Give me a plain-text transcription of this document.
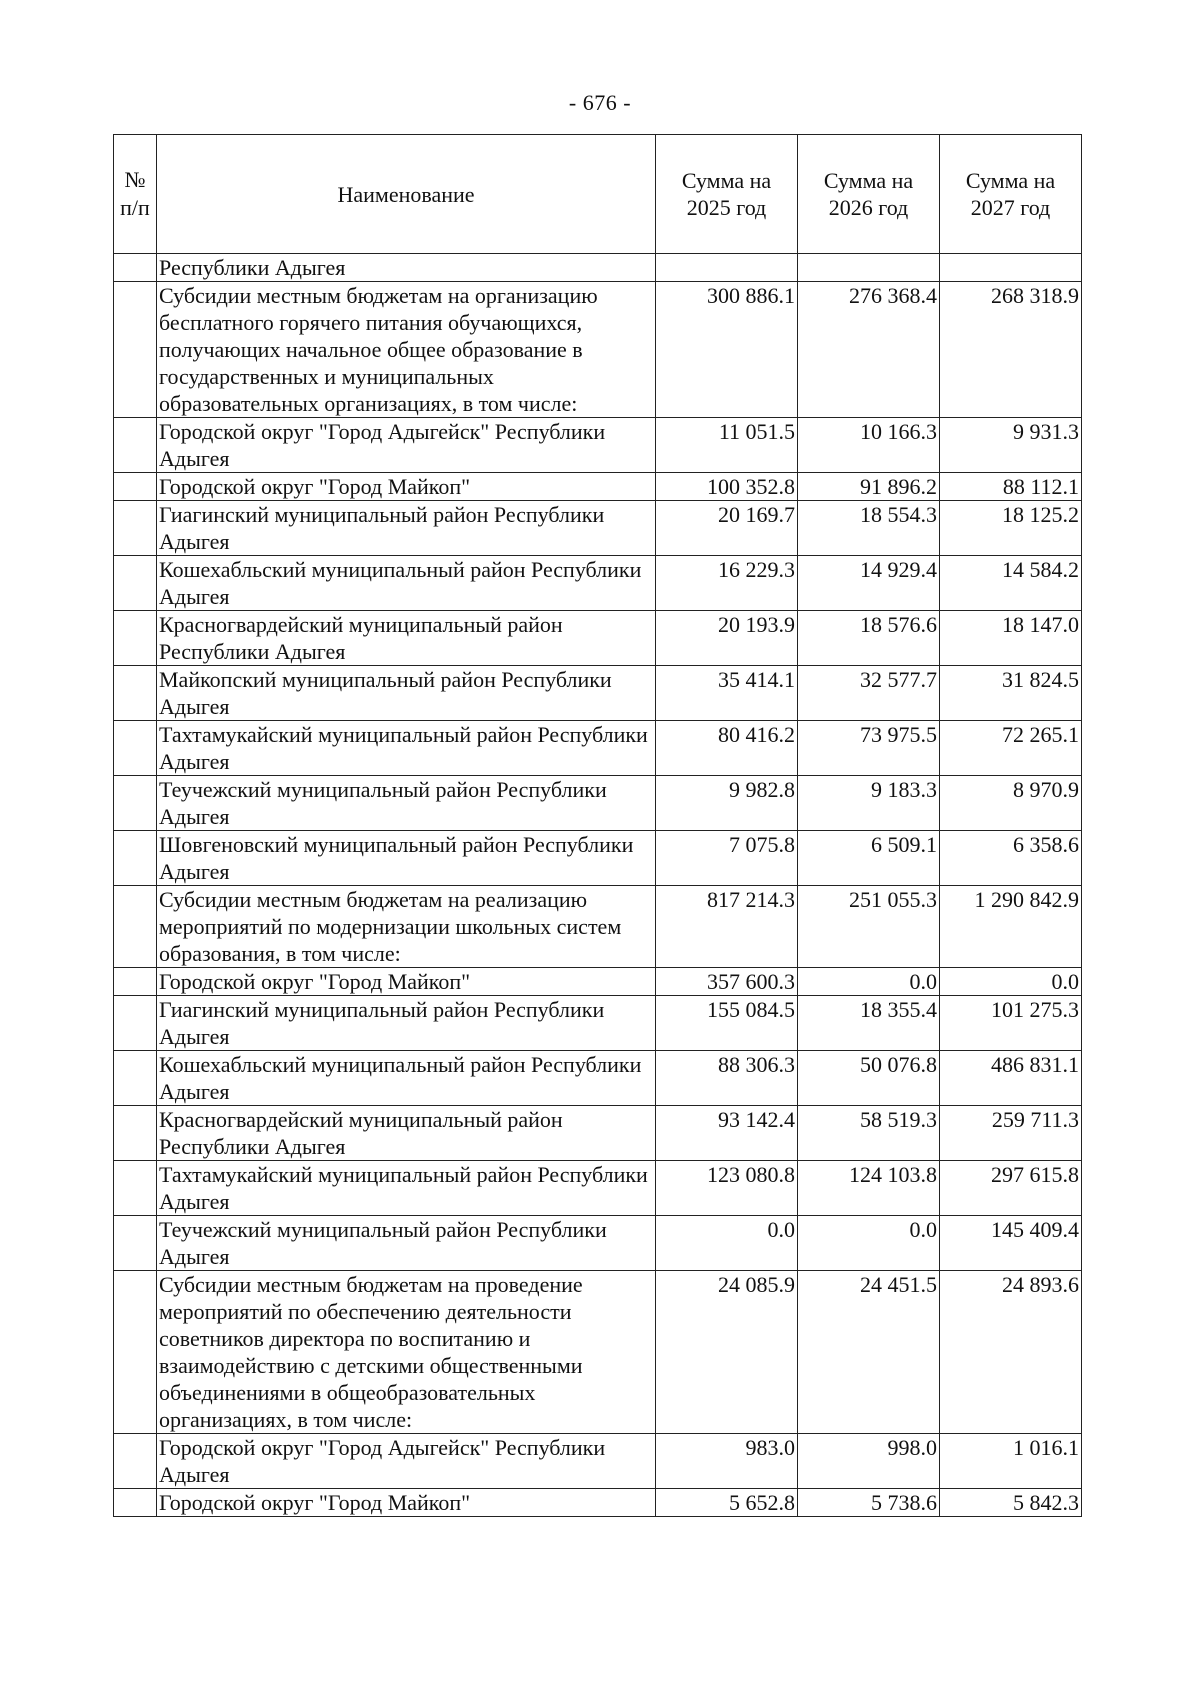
- 676 -
№ п/п	Наименование	Сумма на 2025 год	Сумма на 2026 год	Сумма на 2027 год
	Республики Адыгея			
	Субсидии местным бюджетам на организацию бесплатного горячего питания обучающихся, получающих начальное общее образование в государственных и муниципальных образовательных организациях, в том числе:	300 886.1	276 368.4	268 318.9
	Городской округ "Город Адыгейск" Республики Адыгея	11 051.5	10 166.3	9 931.3
	Городской округ "Город Майкоп"	100 352.8	91 896.2	88 112.1
	Гиагинский муниципальный район Республики Адыгея	20 169.7	18 554.3	18 125.2
	Кошехабльский муниципальный район Республики Адыгея	16 229.3	14 929.4	14 584.2
	Красногвардейский муниципальный район Республики Адыгея	20 193.9	18 576.6	18 147.0
	Майкопский муниципальный район Республики Адыгея	35 414.1	32 577.7	31 824.5
	Тахтамукайский муниципальный район Республики Адыгея	80 416.2	73 975.5	72 265.1
	Теучежский муниципальный район Республики Адыгея	9 982.8	9 183.3	8 970.9
	Шовгеновский муниципальный район Республики Адыгея	7 075.8	6 509.1	6 358.6
	Субсидии местным бюджетам на реализацию мероприятий по модернизации школьных систем образования, в том числе:	817 214.3	251 055.3	1 290 842.9
	Городской округ "Город Майкоп"	357 600.3	0.0	0.0
	Гиагинский муниципальный район Республики Адыгея	155 084.5	18 355.4	101 275.3
	Кошехабльский муниципальный район Республики Адыгея	88 306.3	50 076.8	486 831.1
	Красногвардейский муниципальный район Республики Адыгея	93 142.4	58 519.3	259 711.3
	Тахтамукайский муниципальный район Республики Адыгея	123 080.8	124 103.8	297 615.8
	Теучежский муниципальный район Республики Адыгея	0.0	0.0	145 409.4
	Субсидии местным бюджетам на проведение мероприятий по обеспечению деятельности советников директора по воспитанию и взаимодействию с детскими общественными объединениями в общеобразовательных организациях, в том числе:	24 085.9	24 451.5	24 893.6
	Городской округ "Город Адыгейск" Республики Адыгея	983.0	998.0	1 016.1
	Городской округ "Город Майкоп"	5 652.8	5 738.6	5 842.3
